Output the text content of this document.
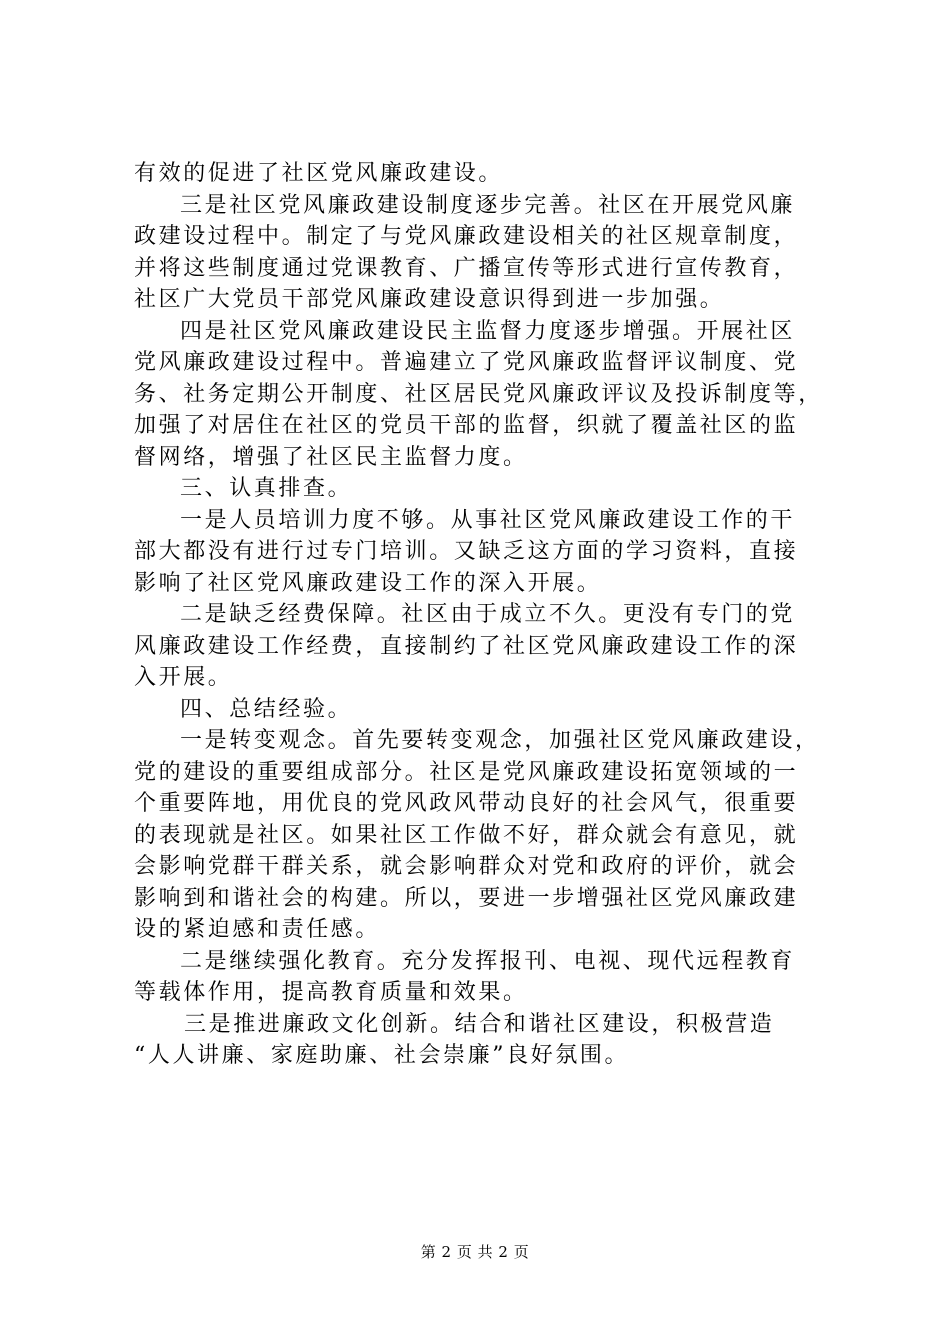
有效的促进了社区党风廉政建设。
三是社区党风廉政建设制度逐步完善。社区在开展党风廉
政建设过程中。制定了与党风廉政建设相关的社区规章制度，
并将这些制度通过党课教育、广播宣传等形式进行宣传教育，
社区广大党员干部党风廉政建设意识得到进一步加强。
四是社区党风廉政建设民主监督力度逐步增强。开展社区
党风廉政建设过程中。普遍建立了党风廉政监督评议制度、党
务、社务定期公开制度、社区居民党风廉政评议及投诉制度等，
加强了对居住在社区的党员干部的监督，织就了覆盖社区的监
督网络，增强了社区民主监督力度。
三、认真排查。
一是人员培训力度不够。从事社区党风廉政建设工作的干
部大都没有进行过专门培训。又缺乏这方面的学习资料，直接
影响了社区党风廉政建设工作的深入开展。
二是缺乏经费保障。社区由于成立不久。更没有专门的党
风廉政建设工作经费，直接制约了社区党风廉政建设工作的深
入开展。
四、总结经验。
一是转变观念。首先要转变观念，加强社区党风廉政建设，
党的建设的重要组成部分。社区是党风廉政建设拓宽领域的一
个重要阵地，用优良的党风政风带动良好的社会风气，很重要
的表现就是社区。如果社区工作做不好，群众就会有意见，就
会影响党群干群关系，就会影响群众对党和政府的评价，就会
影响到和谐社会的构建。所以，要进一步增强社区党风廉政建
设的紧迫感和责任感。
二是继续强化教育。充分发挥报刊、电视、现代远程教育
等载体作用，提高教育质量和效果。
三是推进廉政文化创新。结合和谐社区建设，积极营造
“人人讲廉、家庭助廉、社会崇廉”良好氛围。
第 2 页 共 2 页
